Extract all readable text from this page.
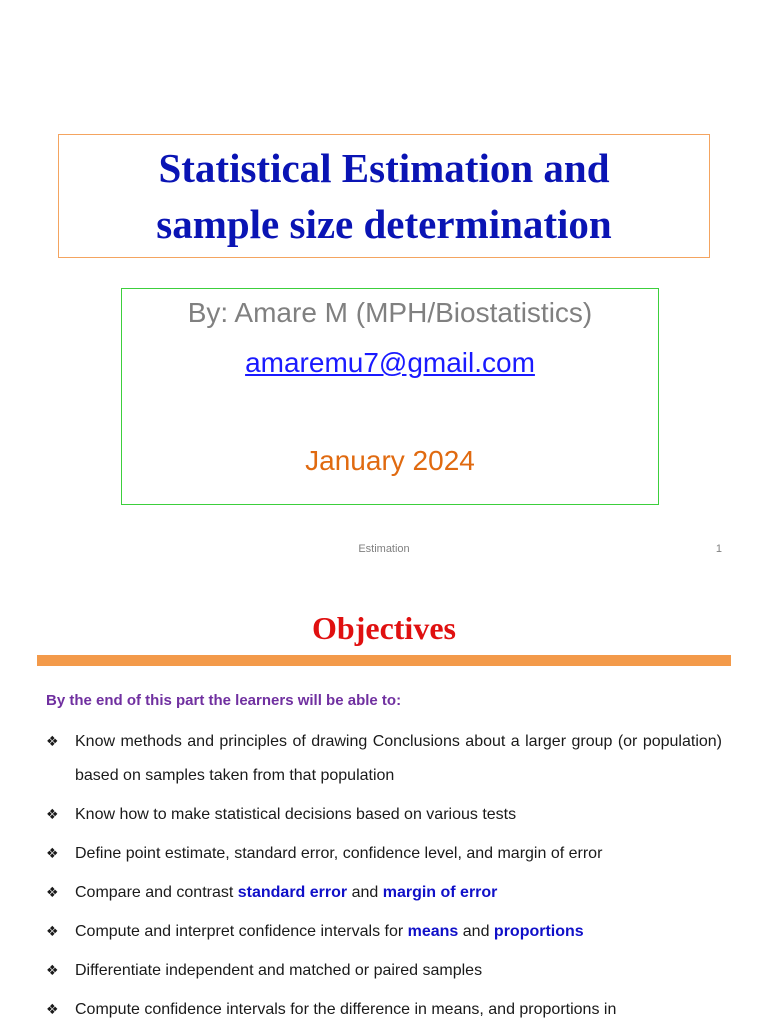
Statistical Estimation and
sample size determination
By: Amare M (MPH/Biostatistics)
amaremu7@gmail.com
January 2024
Estimation	1
Objectives
By the end of this part the learners will be able to:
❖ Know methods and principles of drawing Conclusions about a larger group (or population) based on samples taken from that population
❖ Know how to make statistical decisions based on various tests
❖ Define point estimate, standard error, confidence level, and margin of error
❖ Compare and contrast standard error and margin of error
❖ Compute and interpret confidence intervals for means and proportions
❖ Differentiate independent and matched or paired samples
❖ Compute confidence intervals for the difference in means, and proportions in
